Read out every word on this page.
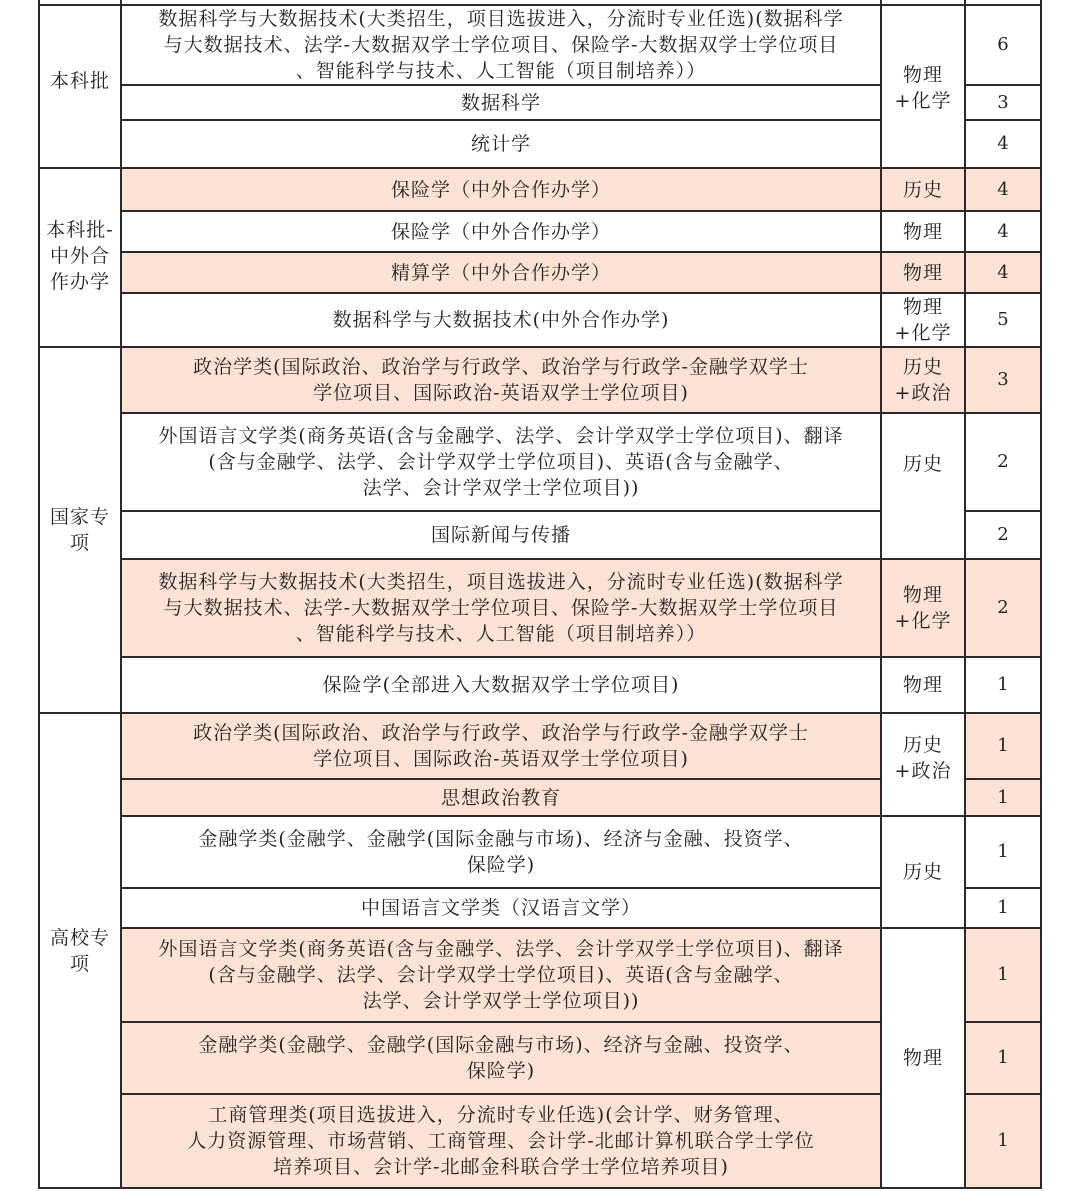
本科批	数据科学与大数据技术(大类招生，项目选拔进入，分流时专业任选)(数据科学
与大数据技术、法学-大数据双学士学位项目、保险学-大数据双学士学位项目
、智能科学与技术、人工智能（项目制培养））	物理+化学	6
	数据科学		3
	统计学		4
本科批-中外合作办学	保险学（中外合作办学）	历史	4
	保险学（中外合作办学）	物理	4
	精算学（中外合作办学）	物理	4
	数据科学与大数据技术(中外合作办学)	物理+化学	5
国家专项	政治学类(国际政治、政治学与行政学、政治学与行政学-金融学双学士
学位项目、国际政治-英语双学士学位项目)	历史+政治	3

	外国语言文学类(商务英语(含与金融学、法学、会计学双学士学位项目)、翻译
(含与金融学、法学、会计学双学士学位项目)、英语(含与金融学、
法学、会计学双学士学位项目))	历史	2
	国际新闻与传播		2

	数据科学与大数据技术(大类招生，项目选拔进入，分流时专业任选)(数据科学
与大数据技术、法学-大数据双学士学位项目、保险学-大数据双学士学位项目
、智能科学与技术、人工智能（项目制培养））	物理+化学	2
	保险学(全部进入大数据双学士学位项目)	物理	1
高校专项	政治学类(国际政治、政治学与行政学、政治学与行政学-金融学双学士
学位项目、国际政治-英语双学士学位项目)	历史+政治	1
	思想政治教育		1

	金融学类(金融学、金融学(国际金融与市场)、经济与金融、投资学、
保险学)	历史	1
	中国语言文学类（汉语言文学）		1

	外国语言文学类(商务英语(含与金融学、法学、会计学双学士学位项目)、翻译
(含与金融学、法学、会计学双学士学位项目)、英语(含与金融学、
法学、会计学双学士学位项目))	物理	1

	金融学类(金融学、金融学(国际金融与市场)、经济与金融、投资学、
保险学)		1

	工商管理类(项目选拔进入，分流时专业任选)(会计学、财务管理、
人力资源管理、市场营销、工商管理、会计学-北邮计算机联合学士学位
培养项目、会计学-北邮金科联合学士学位培养项目)		1
